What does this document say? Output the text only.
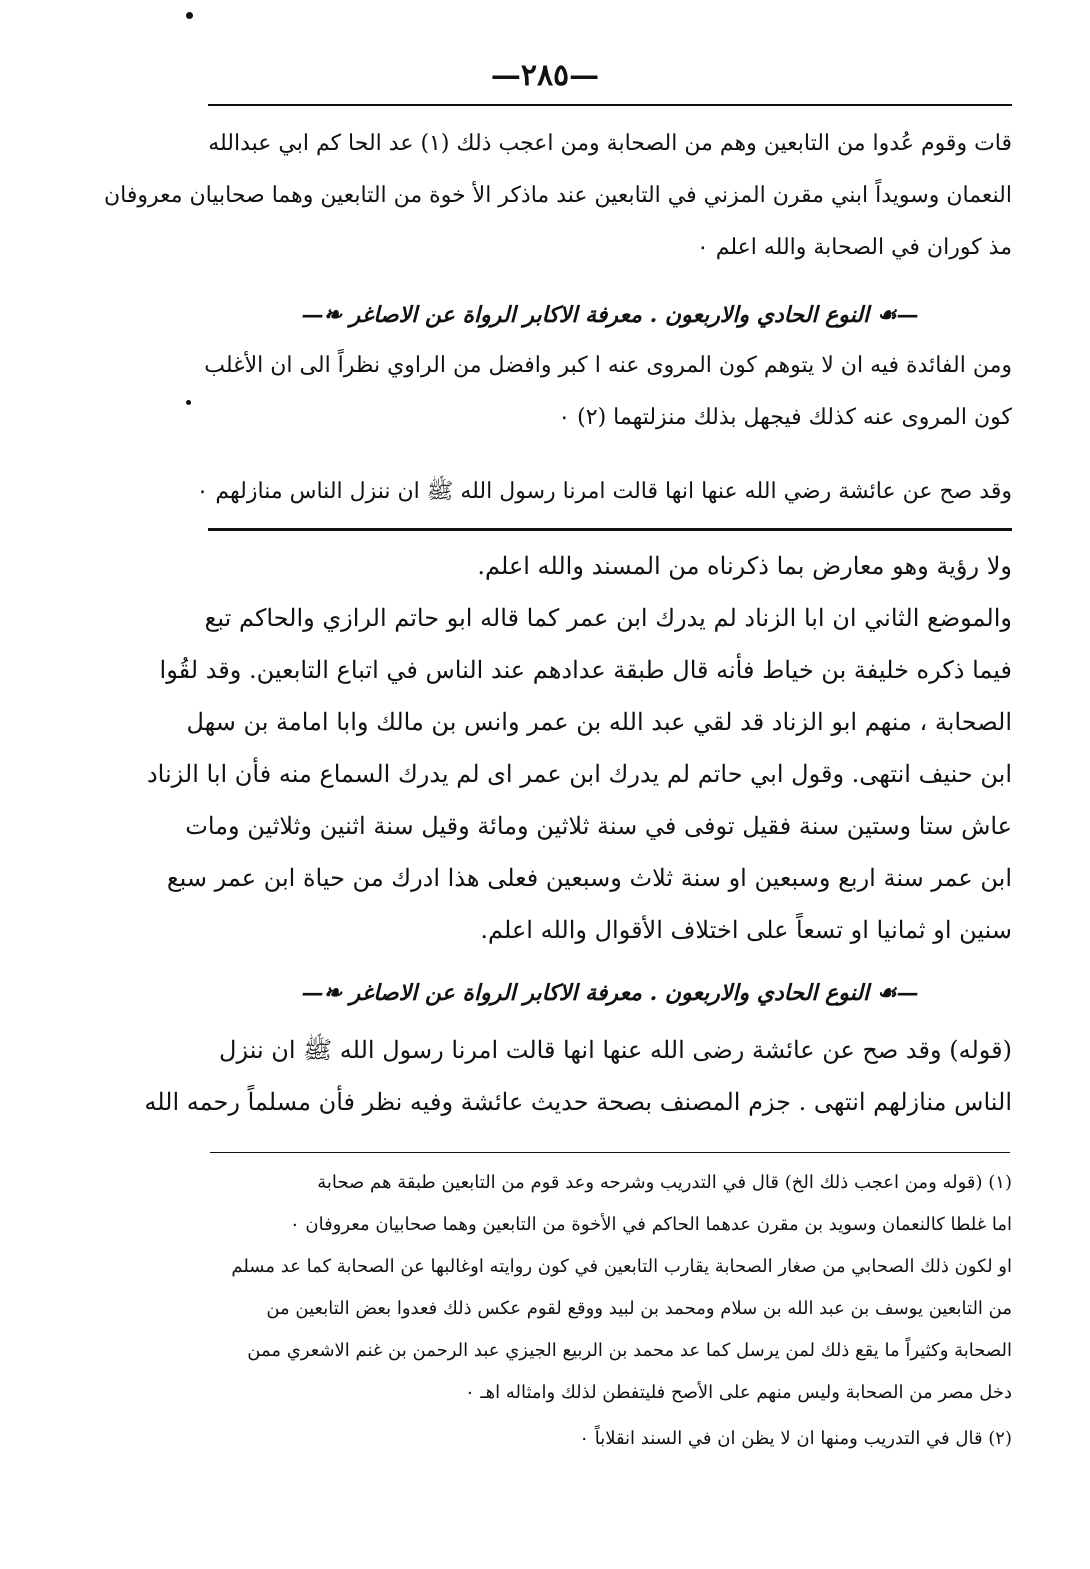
—٢٨٥—
قات وقوم عُدوا من التابعين وهم من الصحابة ومن اعجب ذلك (١) عد الحا كم ابي عبدالله
النعمان وسويداً ابني مقرن المزني في التابعين عند ماذكر الأ خوة من التابعين وهما صحابيان معروفان
مذ كوران في الصحابة والله اعلم ٠
—☙ النوع الحادي والاربعون . معرفة الاكابر الرواة عن الاصاغر ❧—
ومن الفائدة فيه ان لا يتوهم كون المروى عنه ا كبر وافضل من الراوي نظراً الى ان الأغلب
كون المروى عنه كذلك فيجهل بذلك منزلتهما (٢) ٠
وقد صح عن عائشة رضي الله عنها انها قالت امرنا رسول الله ﷺ ان ننزل الناس منازلهم ٠
ولا رؤية وهو معارض بما ذكرناه من المسند والله اعلم.
والموضع الثاني ان ابا الزناد لم يدرك ابن عمر كما قاله ابو حاتم الرازي والحاكم تبع
فيما ذكره خليفة بن خياط فأنه قال طبقة عدادهم عند الناس في اتباع التابعين. وقد لقُوا
الصحابة ، منهم ابو الزناد قد لقي عبد الله بن عمر وانس بن مالك وابا امامة بن سهل
ابن حنيف انتهى. وقول ابي حاتم لم يدرك ابن عمر اى لم يدرك السماع منه فأن ابا الزناد
عاش ستا وستين سنة فقيل توفى في سنة ثلاثين ومائة وقيل سنة اثنين وثلاثين ومات
ابن عمر سنة اربع وسبعين او سنة ثلاث وسبعين فعلى هذا ادرك من حياة ابن عمر سبع
سنين او ثمانيا او تسعاً على اختلاف الأقوال والله اعلم.
—☙ النوع الحادي والاربعون . معرفة الاكابر الرواة عن الاصاغر ❧—
(قوله) وقد صح عن عائشة رضى الله عنها انها قالت امرنا رسول الله ﷺ ان ننزل
الناس منازلهم انتهى . جزم المصنف بصحة حديث عائشة وفيه نظر فأن مسلماً رحمه الله
(١) (قوله ومن اعجب ذلك الخ) قال في التدريب وشرحه وعد قوم من التابعين طبقة هم صحابة
اما غلطا كالنعمان وسويد بن مقرن عدهما الحاكم في الأخوة من التابعين وهما صحابيان معروفان ٠
او لكون ذلك الصحابي من صغار الصحابة يقارب التابعين في كون روايته اوغالبها عن الصحابة كما عد مسلم
من التابعين يوسف بن عبد الله بن سلام ومحمد بن لبيد ووقع لقوم عكس ذلك فعدوا بعض التابعين من
الصحابة وكثيراً ما يقع ذلك لمن يرسل كما عد محمد بن الربيع الجيزي عبد الرحمن بن غنم الاشعري ممن
دخل مصر من الصحابة وليس منهم على الأصح فليتفطن لذلك وامثاله اهـ ٠
(٢) قال في التدريب ومنها ان لا يظن ان في السند انقلاباً ٠
